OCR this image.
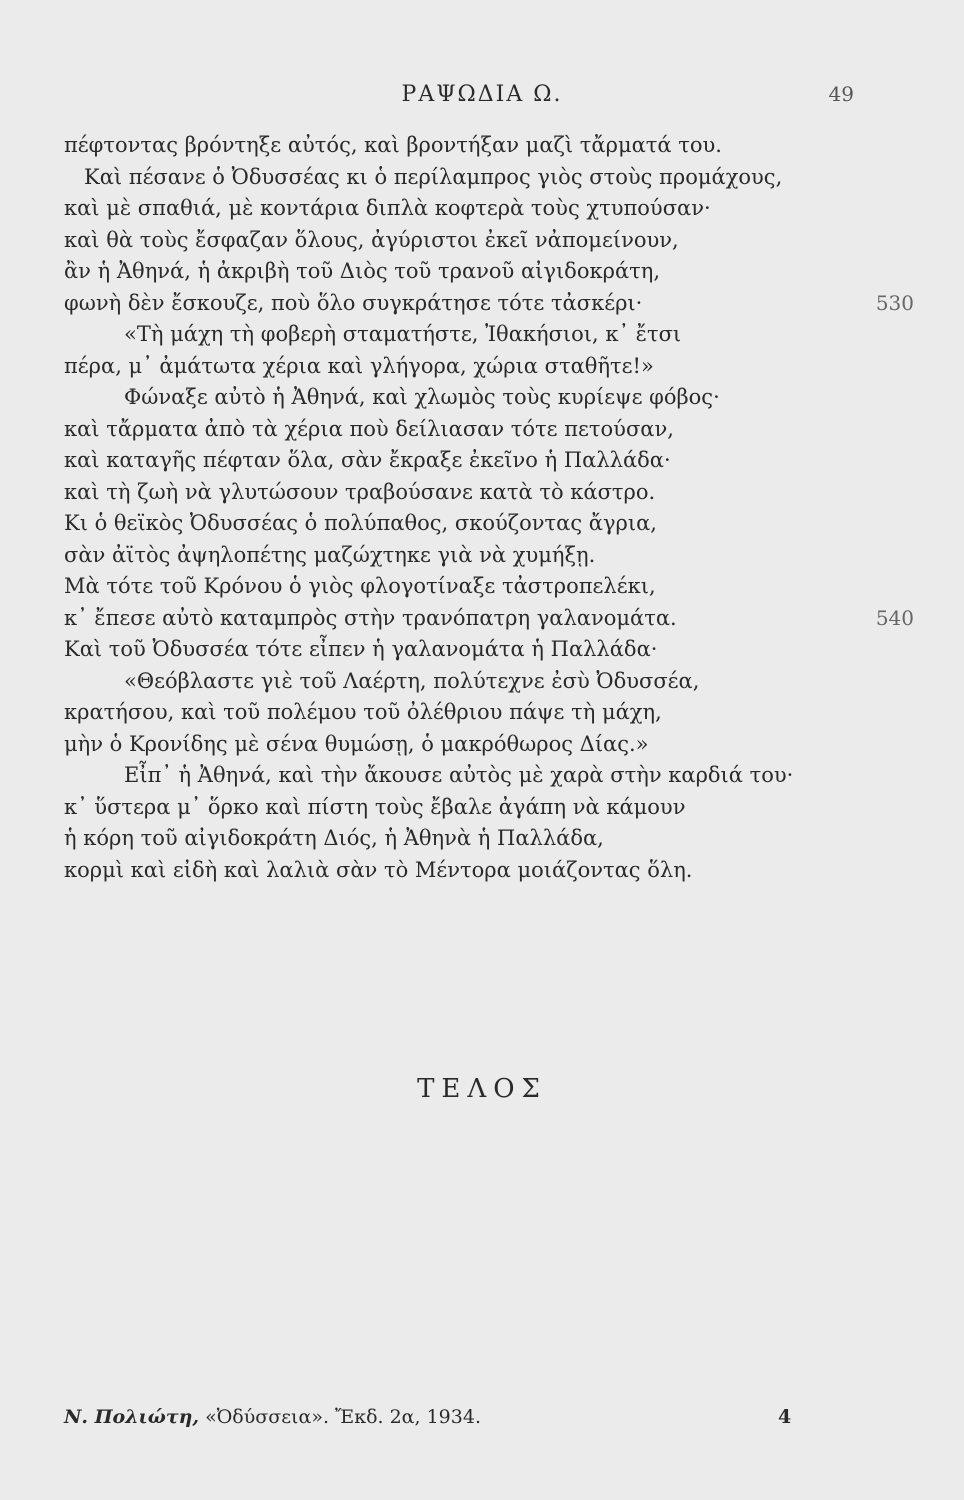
ΡΑΨΩΔΙΑ Ω.	49
πέφτοντας βρόντηξε αὐτός, καὶ βροντήξαν μαζὶ τἄρματά του.
Καὶ πέσανε ὁ Ὀδυσσέας κι ὁ περίλαμπρος γιὸς στοὺς προμάχους,
καὶ μὲ σπαθιά, μὲ κοντάρια διπλὰ κοφτερὰ τοὺς χτυπούσαν·
καὶ θὰ τοὺς ἔσφαζαν ὅλους, ἀγύριστοι ἐκεῖ νἀπομείνουν,
ἂν ἡ Ἀθηνά, ἡ ἀκριβὴ τοῦ Διὸς τοῦ τρανοῦ αἰγιδοκράτη,
φωνὴ δὲν ἔσκουζε, ποὺ ὅλο συγκράτησε τότε τἀσκέρι·	530
«Τὴ μάχη τὴ φοβερὴ σταματήστε, Ἰθακήσιοι, κ᾿ ἔτσι
πέρα, μ᾿ ἀμάτωτα χέρια καὶ γλήγορα, χώρια σταθῆτε!»
Φώναξε αὐτὸ ἡ Ἀθηνά, καὶ χλωμὸς τοὺς κυρίεψε φόβος·
καὶ τἄρματα ἀπὸ τὰ χέρια ποὺ δείλιασαν τότε πετούσαν,
καὶ καταγῆς πέφταν ὅλα, σὰν ἔκραξε ἐκεῖνο ἡ Παλλάδα·
καὶ τὴ ζωὴ νὰ γλυτώσουν τραβούσανε κατὰ τὸ κάστρο.
Κι ὁ θεϊκὸς Ὀδυσσέας ὁ πολύπαθος, σκούζοντας ἄγρια,
σὰν ἀϊτὸς ἀψηλοπέτης μαζώχτηκε γιὰ νὰ χυμήξῃ.
Μὰ τότε τοῦ Κρόνου ὁ γιὸς φλογοτίναξε τἀστροπελέκι,
κ᾿ ἔπεσε αὐτὸ καταμπρὸς στὴν τρανόπατρη γαλανομάτα.	540
Καὶ τοῦ Ὀδυσσέα τότε εἶπεν ἡ γαλανομάτα ἡ Παλλάδα·
«Θεόβλαστε γιὲ τοῦ Λαέρτη, πολύτεχνε ἐσὺ Ὀδυσσέα,
κρατήσου, καὶ τοῦ πολέμου τοῦ ὀλέθριου πάψε τὴ μάχη,
μὴν ὁ Κρονίδης μὲ σένα θυμώσῃ, ὁ μακρόθωρος Δίας.»
Εἶπ᾿ ἡ Ἀθηνά, καὶ τὴν ἄκουσε αὐτὸς μὲ χαρὰ στὴν καρδιά του·
κ᾿ ὕστερα μ᾿ ὅρκο καὶ πίστη τοὺς ἔβαλε ἀγάπη νὰ κάμουν
ἡ κόρη τοῦ αἰγιδοκράτη Διός, ἡ Ἀθηνὰ ἡ Παλλάδα,
κορμὶ καὶ εἰδὴ καὶ λαλιὰ σὰν τὸ Μέντορα μοιάζοντας ὅλη.
ΤΕΛΟΣ
Ν. Πολιώτη, «Ὀδύσσεια». Ἔκδ. 2α, 1934.	4
